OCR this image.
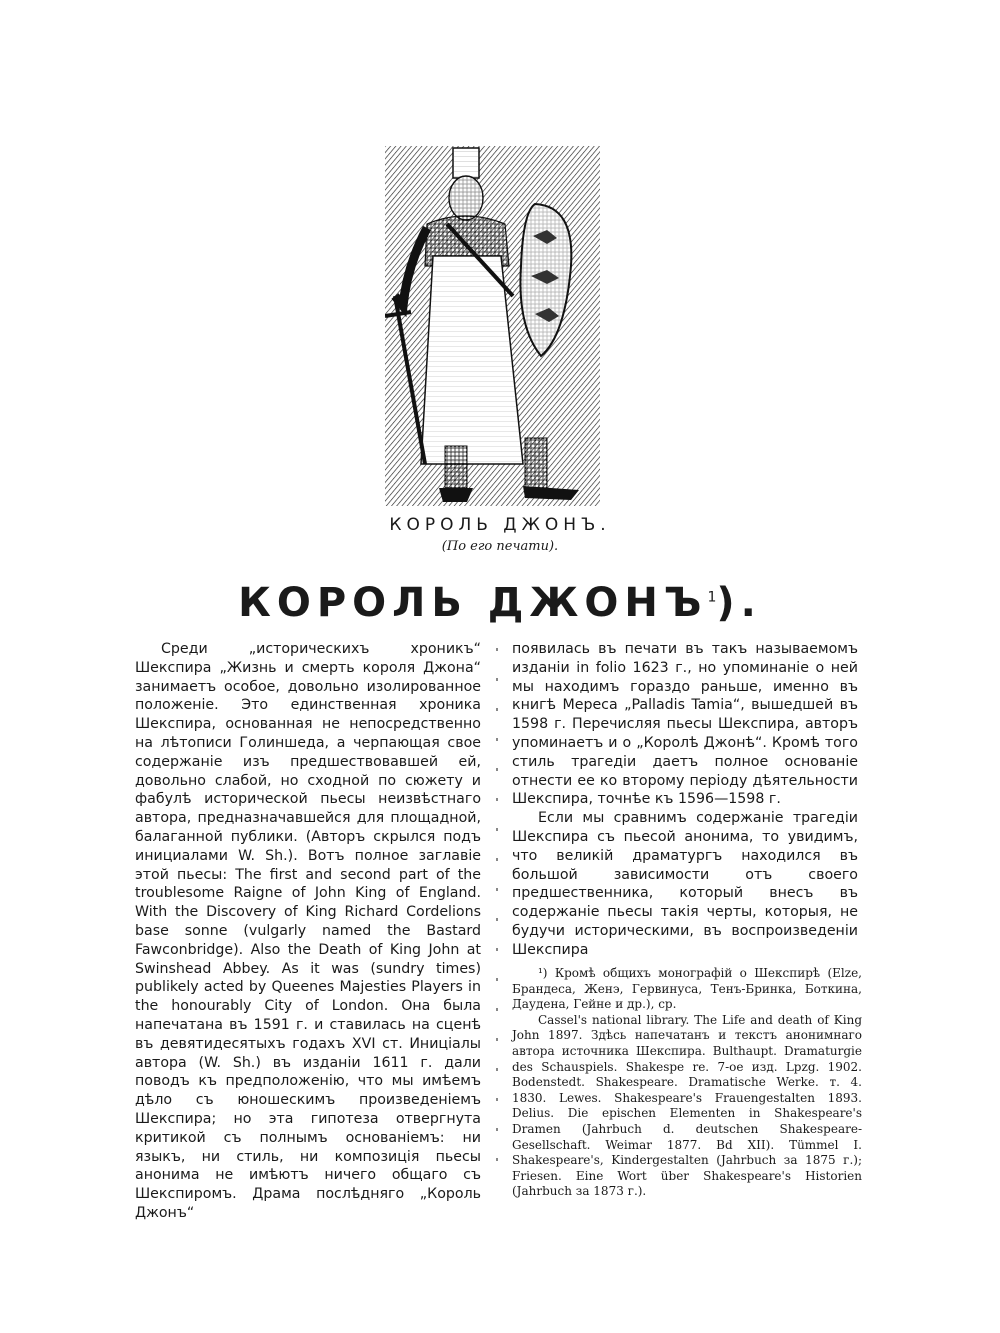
КОРОЛЬ ДЖОНЪ.
(По его печати).
КОРОЛЬ ДЖОНЪ$^1$).

Среди „историческихъ хроникъ“ Шекспира „Жизнь и смерть короля Джона“ занимаетъ особое, довольно изолированное положеніе. Это единственная хроника Шекспира, основанная не непосредственно на лѣтописи Голиншеда, а черпающая свое содержаніе изъ предшествовавшей ей, довольно слабой, но сходной по сюжету и фабулѣ исторической пьесы неизвѣстнаго автора, предназначавшейся для площадной, балаганной публики. (Авторъ скрылся подъ инициалами W. Sh.). Вотъ полное заглавіе этой пьесы: The first and second part of the troublesome Raigne of John King of England. With the Discovery of King Richard Cordelions base sonne (vulgarly named the Bastard Fawconbridge). Also the Death of King John at Swinshead Abbey. As it was (sundry times) publikely acted by Queenes Majesties Players in the honourably City of London. Она была напечатана въ 1591 г. и ставилась на сценѣ въ девятидесятыхъ годахъ XVI ст. Иниціалы автора (W. Sh.) въ изданіи 1611 г. дали поводъ къ предположенію, что мы имѣемъ дѣло съ юношескимъ произведеніемъ Шекспира; но эта гипотеза отвергнута критикой съ полнымъ основаніемъ: ни языкъ, ни стиль, ни композиція пьесы анонима не имѣютъ ничего общаго съ Шекспиромъ. Драма послѣдняго „Король Джонъ“

появилась въ печати въ такъ называемомъ изданіи in folio 1623 г., но упоминаніе о ней мы находимъ гораздо раньше, именно въ книгѣ Мереса „Palladis Tamia“, вышедшей въ 1598 г. Перечисляя пьесы Шекспира, авторъ упоминаетъ и о „Королѣ Джонѣ“. Кромѣ того стиль трагедіи даетъ полное основаніе отнести ее ко второму періоду дѣятельности Шекспира, точнѣе къ 1596—1598 г.

Если мы сравнимъ содержаніе трагедіи Шекспира съ пьесой анонима, то увидимъ, что великій драматургъ находился въ большой зависимости отъ своего предшественника, который внесъ въ содержаніе пьесы такія черты, которыя, не будучи историческими, въ воспроизведеніи Шекспира

¹) Кромѣ общихъ монографій о Шекспирѣ (Elze, Брандеса, Женэ, Гервинуса, Тенъ-Бринка, Боткина, Даудена, Гейне и др.), ср.

Cassel's national library. The Life and death of King John 1897. Здѣсь напечатанъ и текстъ анонимнаго автора источника Шекспира. Bulthaupt. Dramaturgie des Schauspiels. Shakespe re. 7-ое изд. Lpzg. 1902. Bodenstedt. Shakespeare. Dramatische Werke. т. 4. 1830. Lewes. Shakespeare's Frauengestalten 1893. Delius. Die epischen Elementen in Shakespeare's Dramen (Jahrbuch d. deutschen Shakespeare-Gesellschaft. Weimar 1877. Bd XII). Tümmel I. Shakespeare's, Kindergestalten (Jahrbuch за 1875 г.); Friesen. Eine Wort über Shakespeare's Historien (Jahrbuch за 1873 г.).
